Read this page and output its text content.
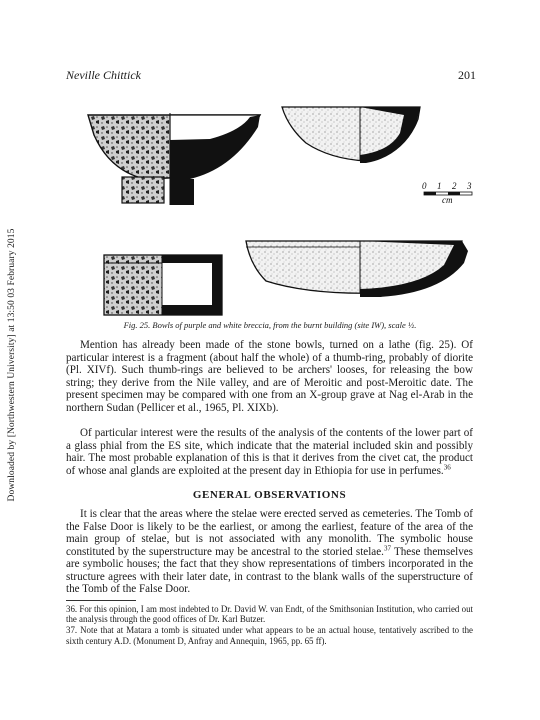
Downloaded by [Northwestern University] at 13:50 03 February 2015
Neville Chittick	201
0 1 2 3
cm
Fig. 25. Bowls of purple and white breccia, from the burnt building (site IW), scale ½.

Mention has already been made of the stone bowls, turned on a lathe (fig. 25). Of particular interest is a fragment (about half the whole) of a thumb-ring, probably of diorite (Pl. XIVf). Such thumb-rings are believed to be archers' looses, for releasing the bow string; they derive from the Nile valley, and are of Meroitic and post-Meroitic date. The present specimen may be compared with one from an X-group grave at Nag el-Arab in the northern Sudan (Pellicer et al., 1965, Pl. XIXb).

Of particular interest were the results of the analysis of the contents of the lower part of a glass phial from the ES site, which indicate that the material included skin and possibly hair. The most probable explanation of this is that it derives from the civet cat, the product of whose anal glands are exploited at the present day in Ethiopia for use in perfumes.$^{36}$

GENERAL OBSERVATIONS

It is clear that the areas where the stelae were erected served as cemeteries. The Tomb of the False Door is likely to be the earliest, or among the earliest, feature of the area of the main group of stelae, but is not associated with any monolith. The symbolic house constituted by the superstructure may be ancestral to the storied stelae.$^{37}$ These themselves are symbolic houses; the fact that they show representations of timbers incorporated in the structure agrees with their later date, in contrast to the blank walls of the superstructure of the Tomb of the False Door.

36. For this opinion, I am most indebted to Dr. David W. van Endt, of the Smithsonian Institution, who carried out the analysis through the good offices of Dr. Karl Butzer.

37. Note that at Matara a tomb is situated under what appears to be an actual house, tentatively ascribed to the sixth century A.D. (Monument D, Anfray and Annequin, 1965, pp. 65 ff).
